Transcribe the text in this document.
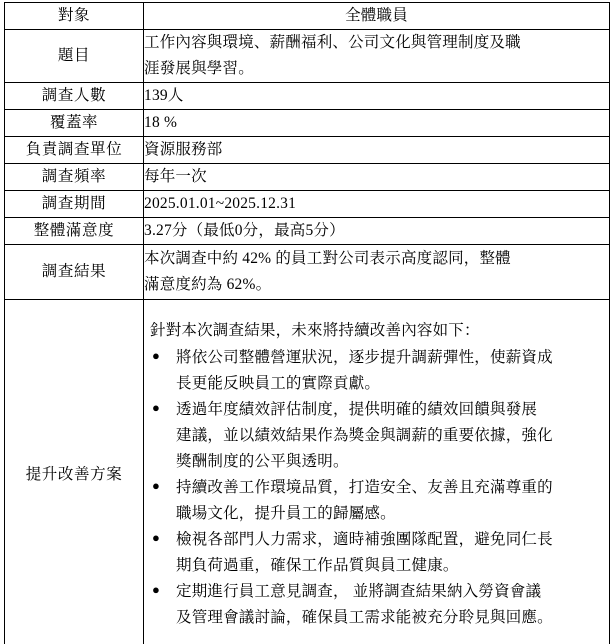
對象	全體職員

題目	工作內容與環境、薪酬福利、公司文化與管理制度及職
涯發展與學習。

調查人數	139人

覆蓋率	18 %

負責調查單位	資源服務部

調查頻率	每年一次

調查期間	2025.01.01~2025.12.31

整體滿意度	3.27分（最低0分，最高5分）

調查結果	本次調查中約 42% 的員工對公司表示高度認同，整體
滿意度約為 62%。

提升改善方案	
針對本次調查結果，未來將持續改善內容如下：
● 將依公司整體營運狀況，逐步提升調薪彈性，使薪資成
長更能反映員工的實際貢獻。
● 透過年度績效評估制度，提供明確的績效回饋與發展
建議，並以績效結果作為獎金與調薪的重要依據，強化
獎酬制度的公平與透明。
● 持續改善工作環境品質，打造安全、友善且充滿尊重的
職場文化，提升員工的歸屬感。
● 檢視各部門人力需求，適時補強團隊配置，避免同仁長
期負荷過重，確保工作品質與員工健康。
● 定期進行員工意見調查， 並將調查結果納入勞資會議
及管理會議討論，確保員工需求能被充分聆見與回應。
